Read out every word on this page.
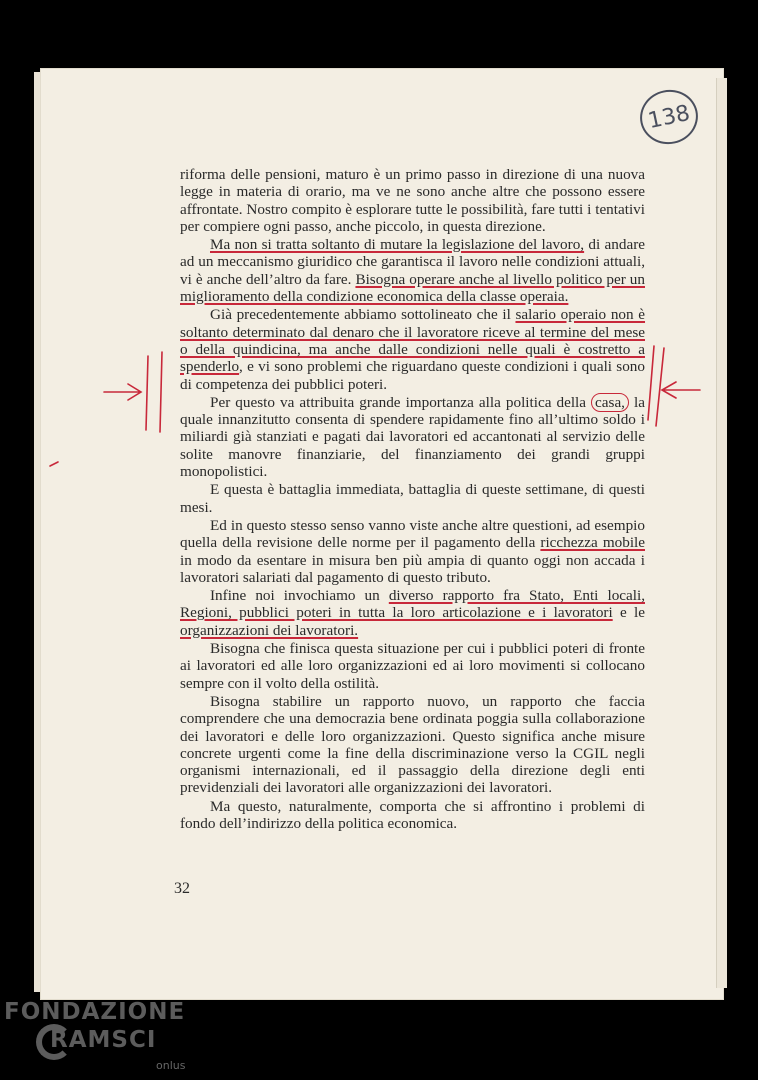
138

riforma delle pensioni, maturo è un primo passo in direzione di una nuova legge in materia di orario, ma ve ne sono anche altre che possono essere affrontate. Nostro compito è esplorare tutte le possibilità, fare tutti i tentativi per compiere ogni passo, anche piccolo, in questa direzione.

Ma non si tratta soltanto di mutare la legislazione del lavoro, di andare ad un meccanismo giuridico che garantisca il lavoro nelle condizioni attuali, vi è anche dell’altro da fare. Bisogna operare anche al livello politico per un miglioramento della condizione economica della classe operaia.

Già precedentemente abbiamo sottolineato che il salario operaio non è soltanto determinato dal denaro che il lavoratore riceve al termine del mese o della quindicina, ma anche dalle condizioni nelle quali è costretto a spenderlo, e vi sono problemi che riguardano queste condizioni i quali sono di competenza dei pubblici poteri.

Per questo va attribuita grande importanza alla politica della casa, la quale innanzitutto consenta di spendere rapidamente fino all’ultimo soldo i miliardi già stanziati e pagati dai lavoratori ed accantonati al servizio delle solite manovre finanziarie, del finanziamento dei grandi gruppi monopolistici.

E questa è battaglia immediata, battaglia di queste settimane, di questi mesi.

Ed in questo stesso senso vanno viste anche altre questioni, ad esempio quella della revisione delle norme per il pagamento della ricchezza mobile in modo da esentare in misura ben più ampia di quanto oggi non accada i lavoratori salariati dal pagamento di questo tributo.

Infine noi invochiamo un diverso rapporto fra Stato, Enti locali, Regioni, pubblici poteri in tutta la loro articolazione e i lavoratori e le organizzazioni dei lavoratori.

Bisogna che finisca questa situazione per cui i pubblici poteri di fronte ai lavoratori ed alle loro organizzazioni ed ai loro movimenti si collocano sempre con il volto della ostilità.

Bisogna stabilire un rapporto nuovo, un rapporto che faccia comprendere che una democrazia bene ordinata poggia sulla collaborazione dei lavoratori e delle loro organizzazioni. Questo significa anche misure concrete urgenti come la fine della discriminazione verso la CGIL negli organismi internazionali, ed il passaggio della direzione degli enti previdenziali dei lavoratori alle organizzazioni dei lavoratori.

Ma questo, naturalmente, comporta che si affrontino i problemi di fondo dell’indirizzo della politica economica.

32
FONDAZIONE
RAMSCI
onlus
